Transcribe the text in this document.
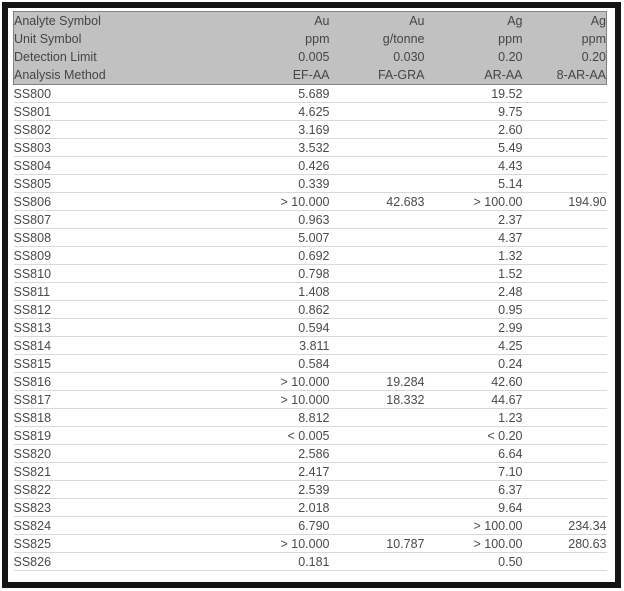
Analyte Symbol	Au	Au	Ag	Ag
Unit Symbol	ppm	g/tonne	ppm	ppm
Detection Limit	0.005	0.030	0.20	0.20
Analysis Method	EF-AA	FA-GRA	AR-AA	8-AR-AA
SS800	5.689		19.52	
SS801	4.625		9.75	
SS802	3.169		2.60	
SS803	3.532		5.49	
SS804	0.426		4.43	
SS805	0.339		5.14	
SS806	> 10.000	42.683	> 100.00	194.90
SS807	0.963		2.37	
SS808	5.007		4.37	
SS809	0.692		1.32	
SS810	0.798		1.52	
SS811	1.408		2.48	
SS812	0.862		0.95	
SS813	0.594		2.99	
SS814	3.811		4.25	
SS815	0.584		0.24	
SS816	> 10.000	19.284	42.60	
SS817	> 10.000	18.332	44.67	
SS818	8.812		1.23	
SS819	< 0.005		< 0.20	
SS820	2.586		6.64	
SS821	2.417		7.10	
SS822	2.539		6.37	
SS823	2.018		9.64	
SS824	6.790		> 100.00	234.34
SS825	> 10.000	10.787	> 100.00	280.63
SS826	0.181		0.50	
